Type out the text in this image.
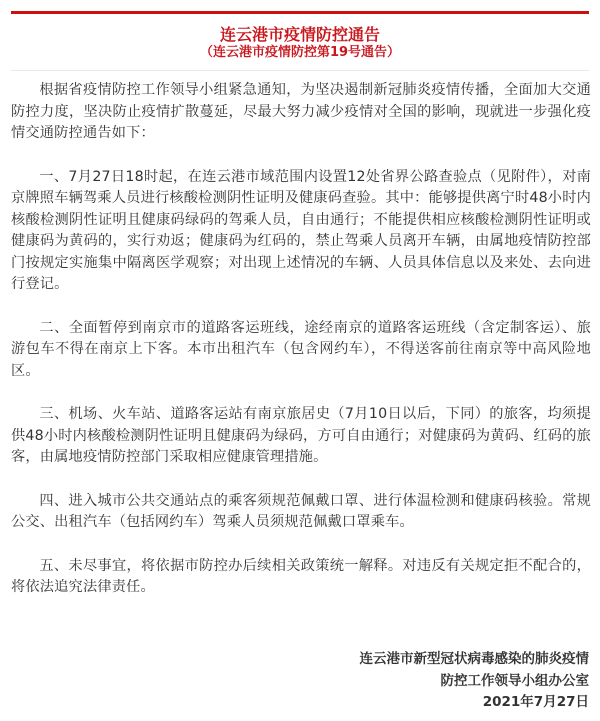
连云港市疫情防控通告
（连云港市疫情防控第19号通告）

根据省疫情防控工作领导小组紧急通知，为坚决遏制新冠肺炎疫情传播，全面加大交通防控力度，坚决防止疫情扩散蔓延，尽最大努力减少疫情对全国的影响，现就进一步强化疫情交通防控通告如下：

一、7月27日18时起，在连云港市域范围内设置12处省界公路查验点（见附件），对南京牌照车辆驾乘人员进行核酸检测阴性证明及健康码查验。其中：能够提供离宁时48小时内核酸检测阴性证明且健康码绿码的驾乘人员，自由通行；不能提供相应核酸检测阴性证明或健康码为黄码的，实行劝返；健康码为红码的，禁止驾乘人员离开车辆，由属地疫情防控部门按规定实施集中隔离医学观察；对出现上述情况的车辆、人员具体信息以及来处、去向进行登记。

二、全面暂停到南京市的道路客运班线，途经南京的道路客运班线（含定制客运）、旅游包车不得在南京上下客。本市出租汽车（包含网约车），不得送客前往南京等中高风险地区。

三、机场、火车站、道路客运站有南京旅居史（7月10日以后，下同）的旅客，均须提供48小时内核酸检测阴性证明且健康码为绿码，方可自由通行；对健康码为黄码、红码的旅客，由属地疫情防控部门采取相应健康管理措施。

四、进入城市公共交通站点的乘客须规范佩戴口罩、进行体温检测和健康码核验。常规公交、出租汽车（包括网约车）驾乘人员须规范佩戴口罩乘车。

五、未尽事宜，将依据市防控办后续相关政策统一解释。对违反有关规定拒不配合的，将依法追究法律责任。

连云港市新型冠状病毒感染的肺炎疫情
防控工作领导小组办公室
2021年7月27日
